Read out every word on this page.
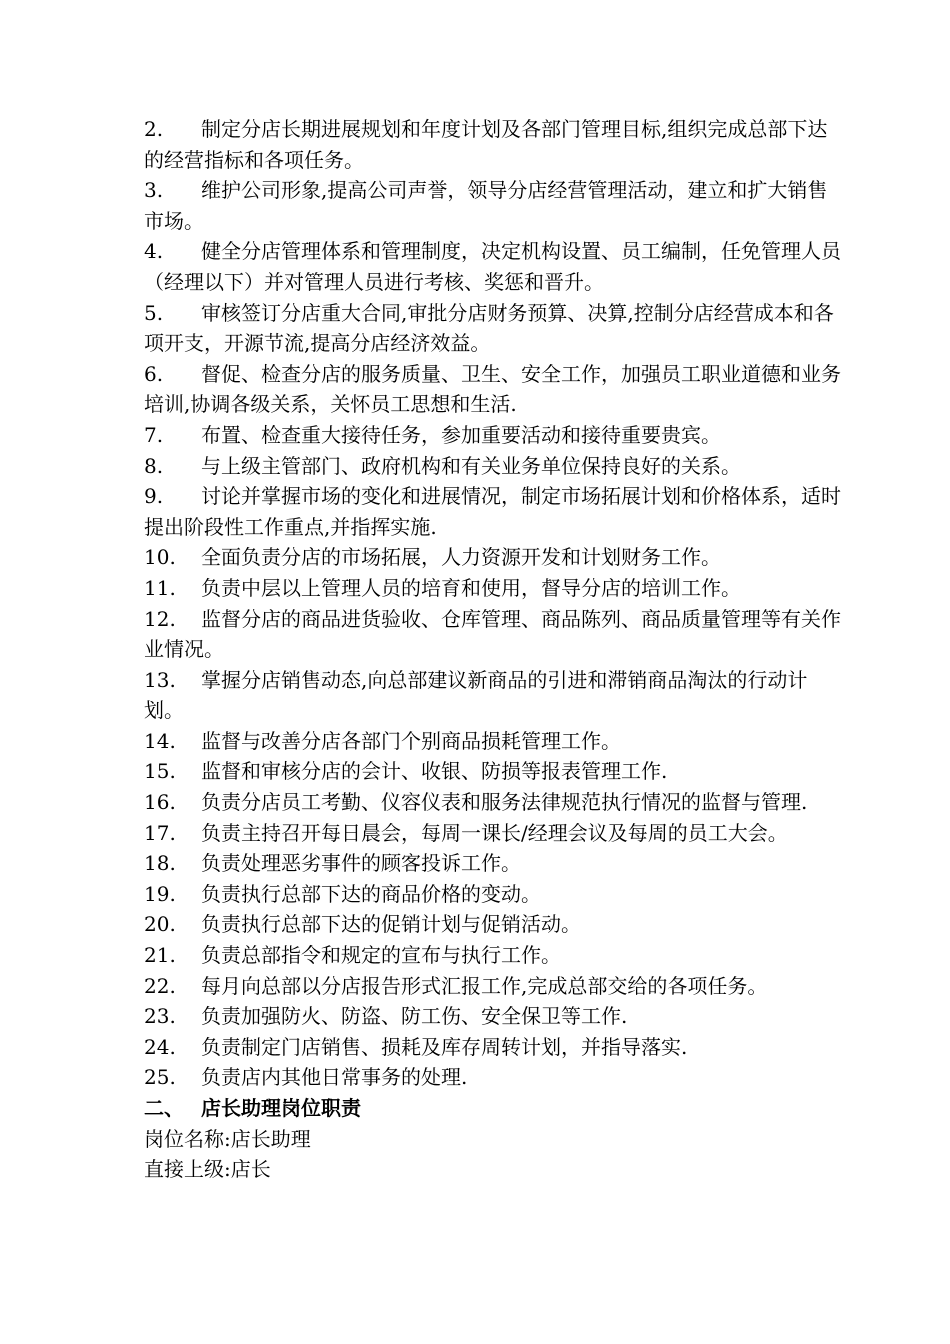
2. 制定分店长期进展规划和年度计划及各部门管理目标,组织完成总部下达的经营指标和各项任务。

3. 维护公司形象,提高公司声誉，领导分店经营管理活动，建立和扩大销售市场。

4. 健全分店管理体系和管理制度，决定机构设置、员工编制，任免管理人员（经理以下）并对管理人员进行考核、奖惩和晋升。

5. 审核签订分店重大合同,审批分店财务预算、决算,控制分店经营成本和各项开支，开源节流,提高分店经济效益。

6. 督促、检查分店的服务质量、卫生、安全工作，加强员工职业道德和业务培训,协调各级关系，关怀员工思想和生活.

7. 布置、检查重大接待任务，参加重要活动和接待重要贵宾。

8. 与上级主管部门、政府机构和有关业务单位保持良好的关系。

9. 讨论并掌握市场的变化和进展情况，制定市场拓展计划和价格体系，适时提出阶段性工作重点,并指挥实施.

10. 全面负责分店的市场拓展，人力资源开发和计划财务工作。

11. 负责中层以上管理人员的培育和使用，督导分店的培训工作。

12. 监督分店的商品进货验收、仓库管理、商品陈列、商品质量管理等有关作业情况。

13. 掌握分店销售动态,向总部建议新商品的引进和滞销商品淘汰的行动计划。

14. 监督与改善分店各部门个别商品损耗管理工作。

15. 监督和审核分店的会计、收银、防损等报表管理工作.

16. 负责分店员工考勤、仪容仪表和服务法律规范执行情况的监督与管理.

17. 负责主持召开每日晨会，每周一课长/经理会议及每周的员工大会。

18. 负责处理恶劣事件的顾客投诉工作。

19. 负责执行总部下达的商品价格的变动。

20. 负责执行总部下达的促销计划与促销活动。

21. 负责总部指令和规定的宣布与执行工作。

22. 每月向总部以分店报告形式汇报工作,完成总部交给的各项任务。

23. 负责加强防火、防盗、防工伤、安全保卫等工作.

24. 负责制定门店销售、损耗及库存周转计划，并指导落实.

25. 负责店内其他日常事务的处理.

二、 店长助理岗位职责

岗位名称:店长助理

直接上级:店长
